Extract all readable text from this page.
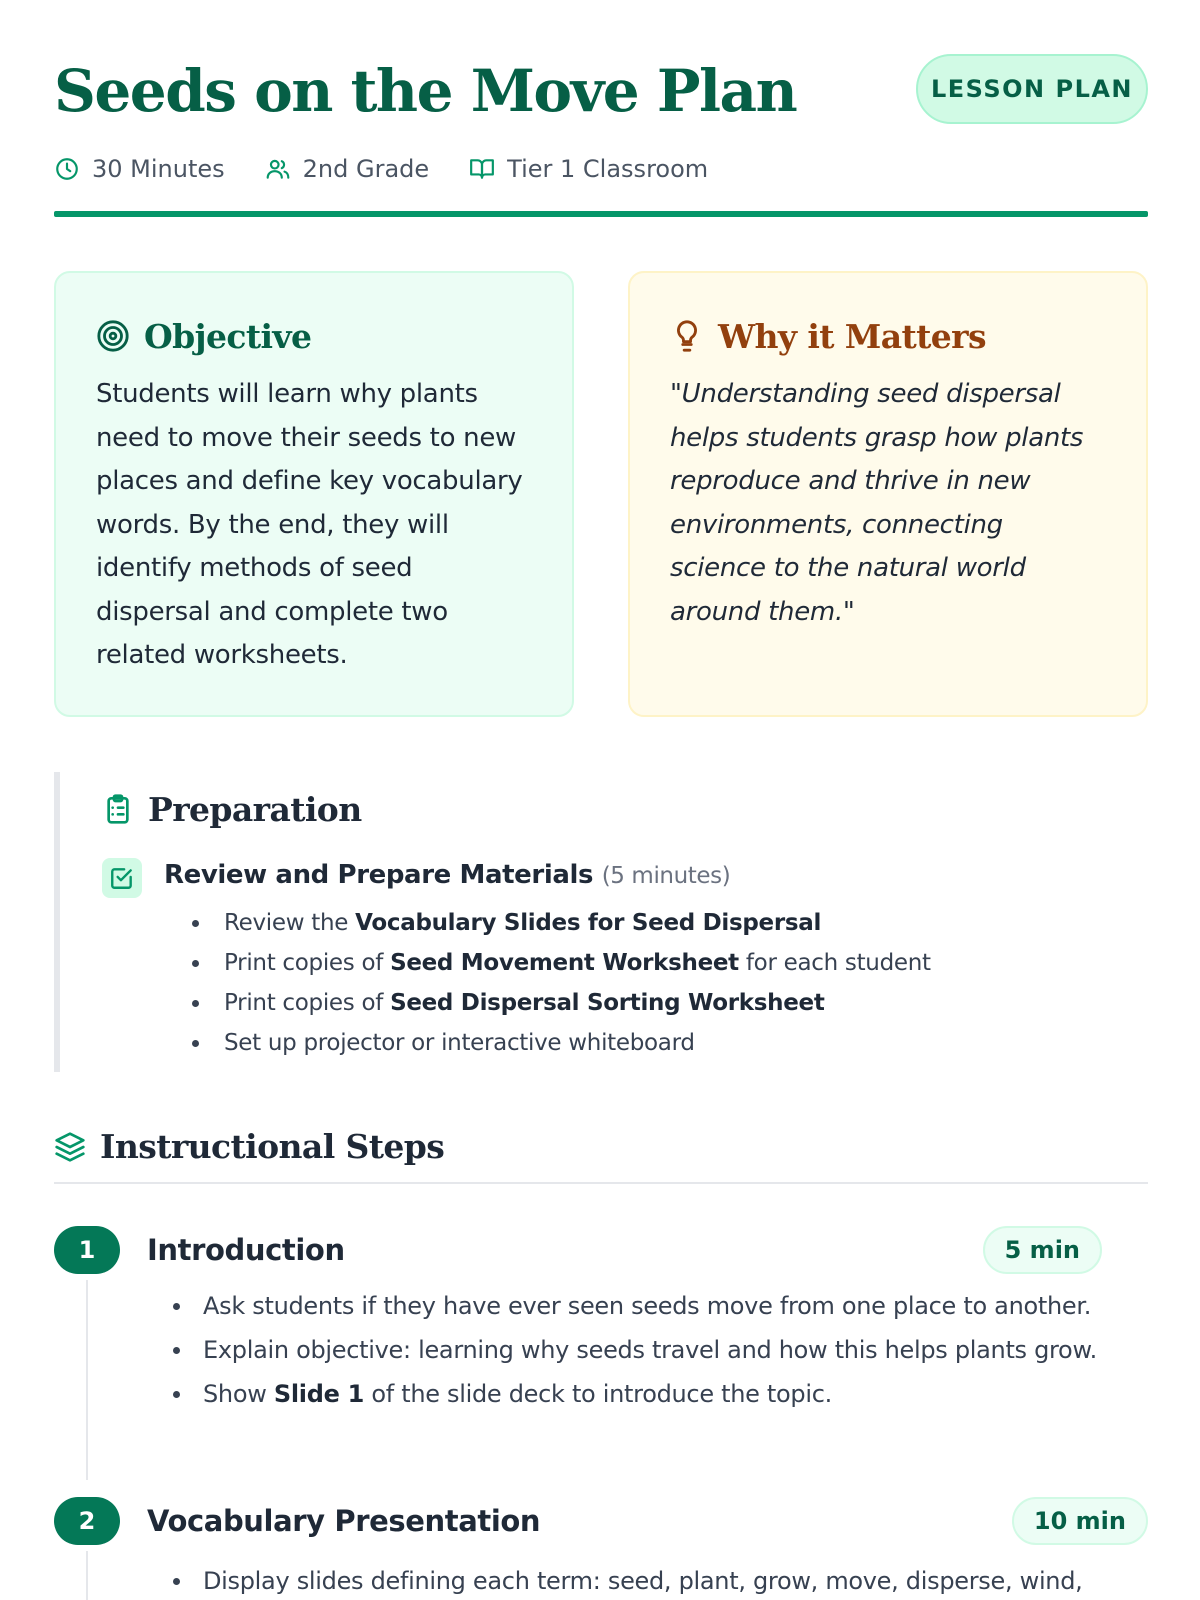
Seeds on the Move Plan	LESSON PLAN
30 Minutes	2nd Grade	Tier 1 Classroom
Objective

Students will learn why plants need to move their seeds to new places and define key vocabulary words. By the end, they will identify methods of seed dispersal and complete two related worksheets.

Why it Matters

"Understanding seed dispersal helps students grasp how plants reproduce and thrive in new environments, connecting science to the natural world around them."

Preparation
Review and Prepare Materials (5 minutes)
Review the Vocabulary Slides for Seed Dispersal
Print copies of Seed Movement Worksheet for each student
Print copies of Seed Dispersal Sorting Worksheet
Set up projector or interactive whiteboard
Instructional Steps
1	Introduction	5 min
Ask students if they have ever seen seeds move from one place to another.
Explain objective: learning why seeds travel and how this helps plants grow.
Show Slide 1 of the slide deck to introduce the topic.
2	Vocabulary Presentation	10 min
Display slides defining each term: seed, plant, grow, move, disperse, wind,
